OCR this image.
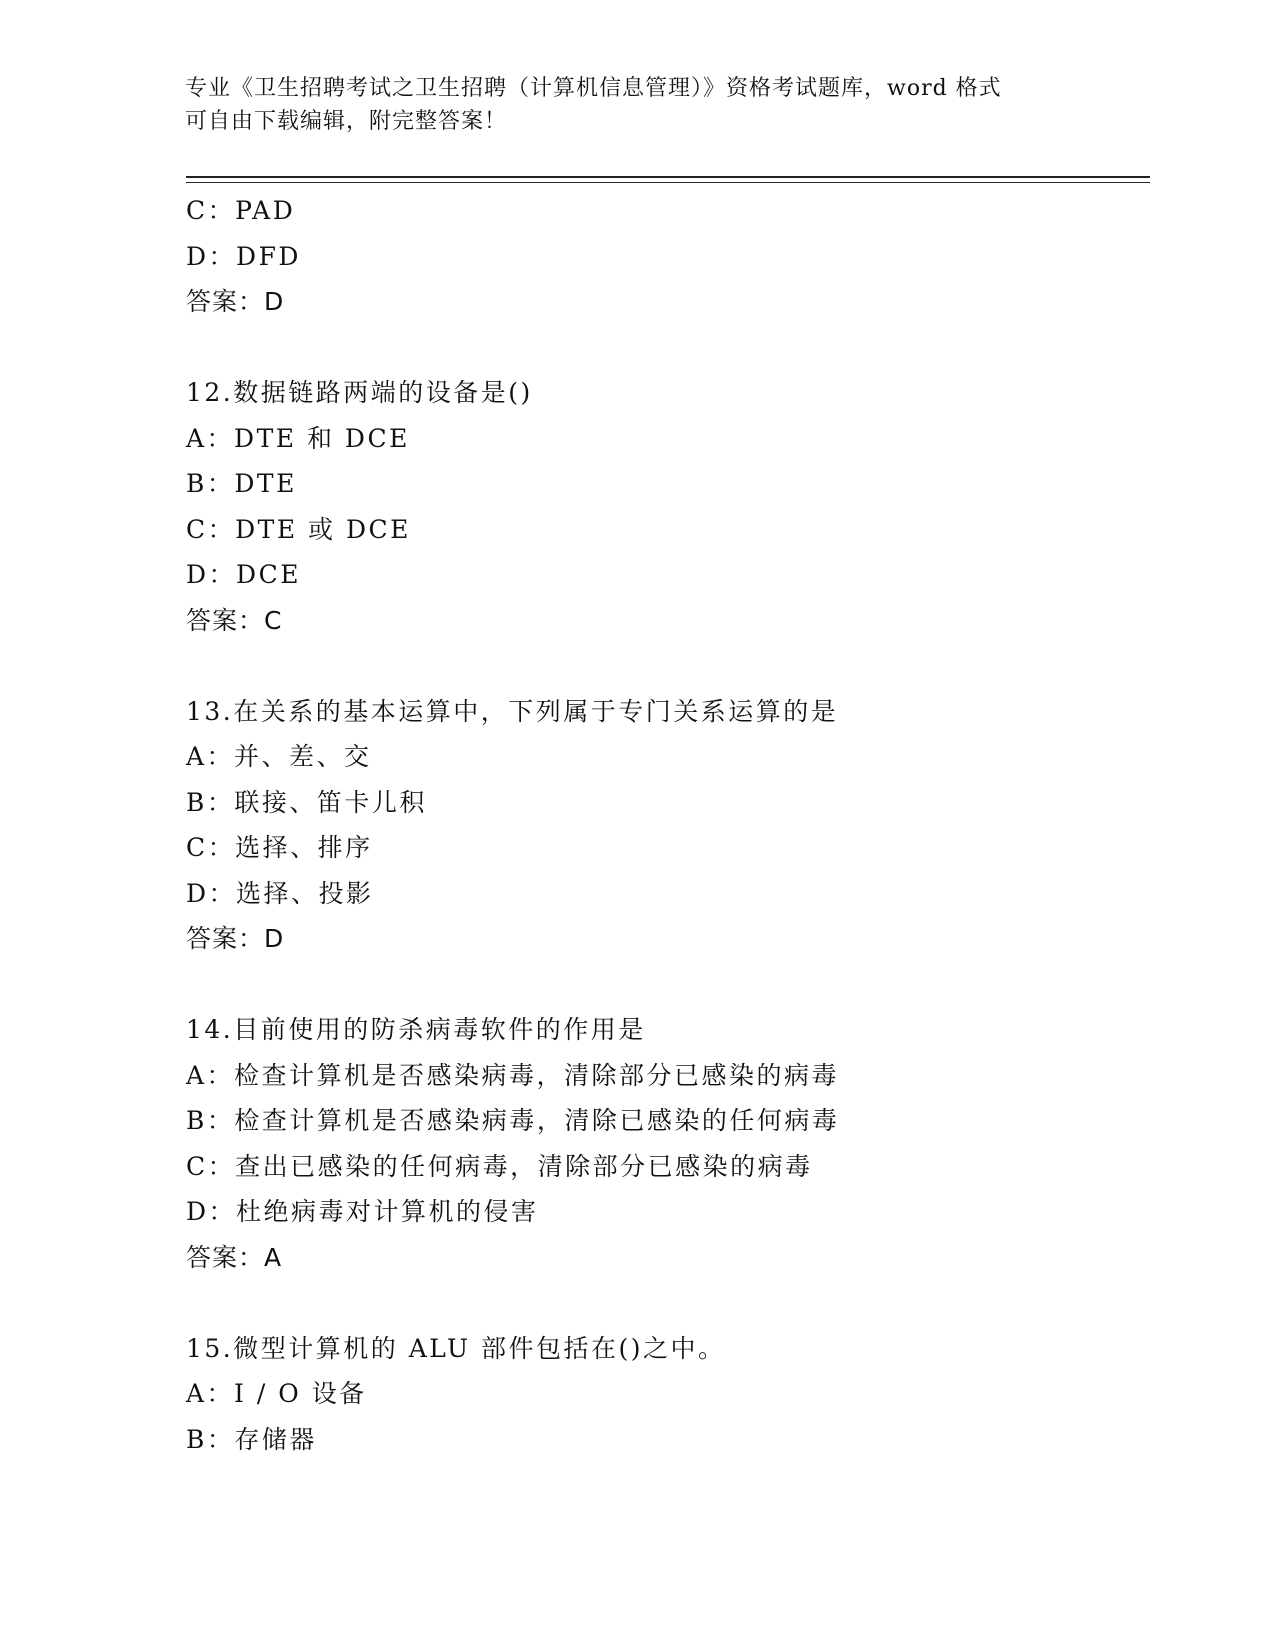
专业《卫生招聘考试之卫生招聘（计算机信息管理）》资格考试题库，word 格式
可自由下载编辑，附完整答案！
C：PAD
D：DFD
答案：D
12.数据链路两端的设备是()
A：DTE 和 DCE
B：DTE
C：DTE 或 DCE
D：DCE
答案：C
13.在关系的基本运算中，下列属于专门关系运算的是
A：并、差、交
B：联接、笛卡儿积
C：选择、排序
D：选择、投影
答案：D
14.目前使用的防杀病毒软件的作用是
A：检查计算机是否感染病毒，清除部分已感染的病毒
B：检查计算机是否感染病毒，清除已感染的任何病毒
C：查出已感染的任何病毒，清除部分已感染的病毒
D：杜绝病毒对计算机的侵害
答案：A
15.微型计算机的 ALU 部件包括在()之中。
A：I / O 设备
B：存储器
